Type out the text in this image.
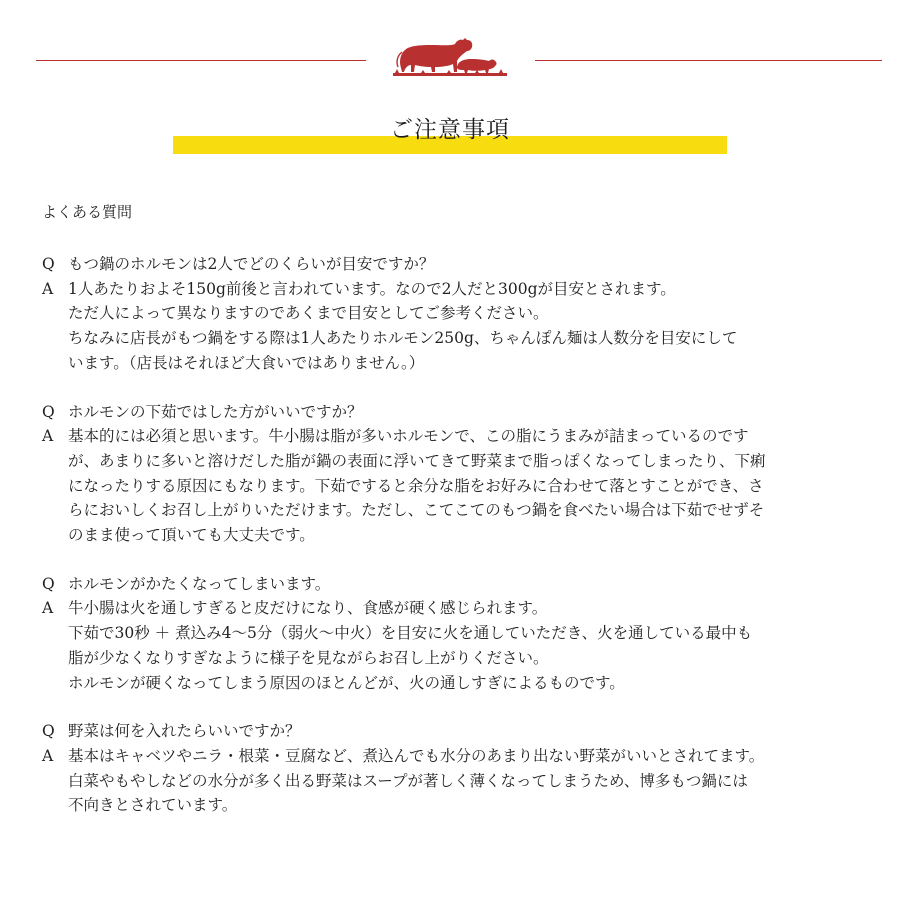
ご注意事項
よくある質問
Q もつ鍋のホルモンは2人でどのくらいが目安ですか？
A 1人あたりおよそ150g前後と言われています。なので2人だと300gが目安とされます。
ただ人によって異なりますのであくまで目安としてご参考ください。
ちなみに店長がもつ鍋をする際は1人あたりホルモン250g、ちゃんぽん麺は人数分を目安にして
います。（店長はそれほど大食いではありません。）
Q ホルモンの下茹ではした方がいいですか？
A 基本的には必須と思います。牛小腸は脂が多いホルモンで、この脂にうまみが詰まっているのです
が、あまりに多いと溶けだした脂が鍋の表面に浮いてきて野菜まで脂っぽくなってしまったり、下痢
になったりする原因にもなります。下茹ですると余分な脂をお好みに合わせて落とすことができ、さ
らにおいしくお召し上がりいただけます。ただし、こてこてのもつ鍋を食べたい場合は下茹でせずそ
のまま使って頂いても大丈夫です。
Q ホルモンがかたくなってしまいます。
A 牛小腸は火を通しすぎると皮だけになり、食感が硬く感じられます。
下茹で30秒 ＋ 煮込み4～5分（弱火～中火）を目安に火を通していただき、火を通している最中も
脂が少なくなりすぎなように様子を見ながらお召し上がりください。
ホルモンが硬くなってしまう原因のほとんどが、火の通しすぎによるものです。
Q 野菜は何を入れたらいいですか？
A 基本はキャベツやニラ・根菜・豆腐など、煮込んでも水分のあまり出ない野菜がいいとされてます。
白菜やもやしなどの水分が多く出る野菜はスープが著しく薄くなってしまうため、博多もつ鍋には
不向きとされています。
